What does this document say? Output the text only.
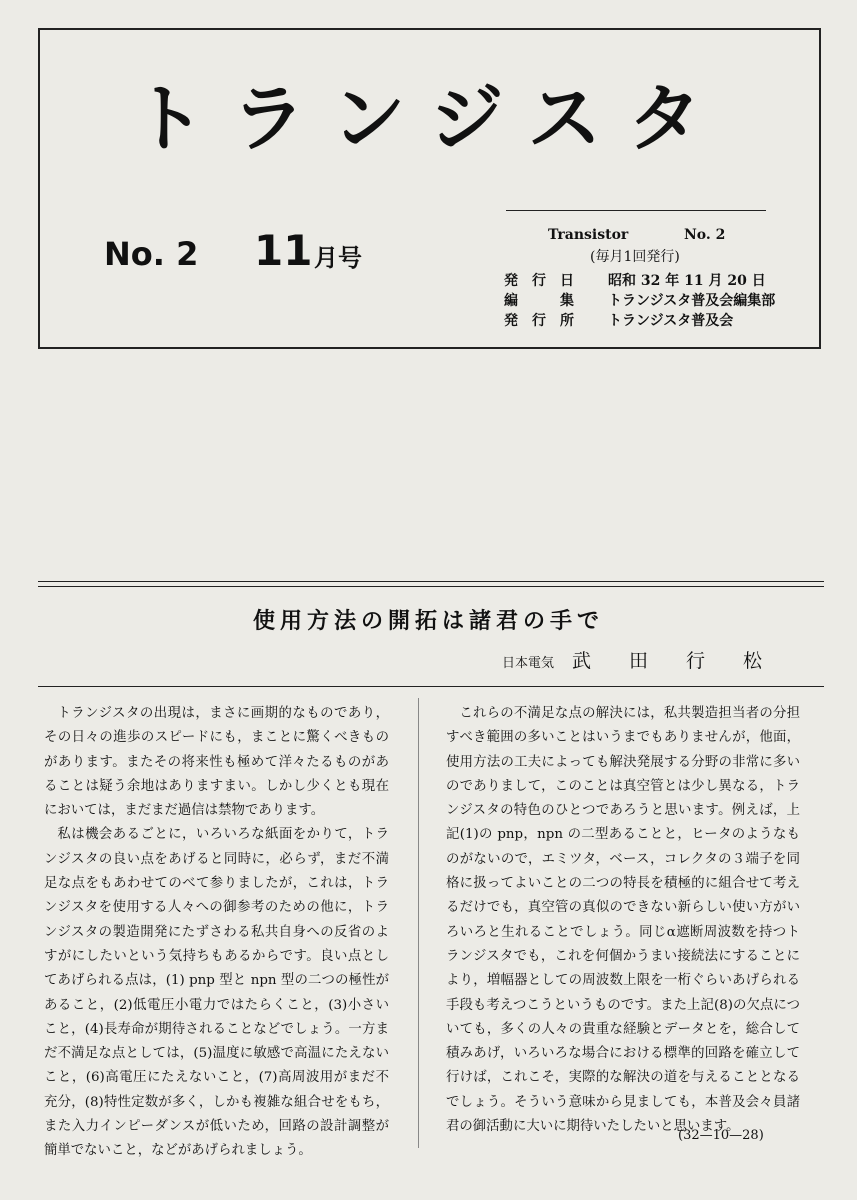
トランジスタ
No. 2 11 月号
Transistor	No. 2
(毎月1回発行)
発行日 昭和 32 年 11 月 20 日
編集 トランジスタ普及会編集部
発行所 トランジスタ普及会
使用方法の開拓は諸君の手で
日本電気 武田行松

トランジスタの出現は，まさに画期的なものであり，その日々の進歩のスピードにも，まことに驚くべきものがあります。またその将来性も極めて洋々たるものがあることは疑う余地はありますまい。しかし少くとも現在においては，まだまだ過信は禁物であります。

私は機会あるごとに，いろいろな紙面をかりて，トランジスタの良い点をあげると同時に，必らず，まだ不満足な点をもあわせてのべて参りましたが，これは，トランジスタを使用する人々への御参考のための他に，トランジスタの製造開発にたずさわる私共自身への反省のよすがにしたいという気持ちもあるからです。良い点としてあげられる点は，(1) pnp 型と npn 型の二つの極性があること，(2)低電圧小電力ではたらくこと，(3)小さいこと，(4)長寿命が期待されることなどでしょう。一方まだ不満足な点としては，(5)温度に敏感で高温にたえないこと，(6)高電圧にたえないこと，(7)高周波用がまだ不充分，(8)特性定数が多く，しかも複雑な組合せをもち，また入力インピーダンスが低いため，回路の設計調整が簡単でないこと，などがあげられましょう。

これらの不満足な点の解決には，私共製造担当者の分担すべき範囲の多いことはいうまでもありませんが，他面，使用方法の工夫によっても解決発展する分野の非常に多いのでありまして，このことは真空管とは少し異なる，トランジスタの特色のひとつであろうと思います。例えば，上記(1)の pnp，npn の二型あることと，ヒータのようなものがないので，エミツタ，ベース，コレクタの３端子を同格に扱ってよいことの二つの特長を積極的に組合せて考えるだけでも，真空管の真似のできない新らしい使い方がいろいろと生れることでしょう。同じα遮断周波数を持つトランジスタでも，これを何個かうまい接続法にすることにより，増幅器としての周波数上限を一桁ぐらいあげられる手段も考えつこうというものです。また上記(8)の欠点についても，多くの人々の貴重な経験とデータとを，総合して積みあげ，いろいろな場合における標準的回路を確立して行けば，これこそ，実際的な解決の道を与えることとなるでしょう。そういう意味から見ましても，本普及会々員諸君の御活動に大いに期待いたしたいと思います。

(32—10—28)
